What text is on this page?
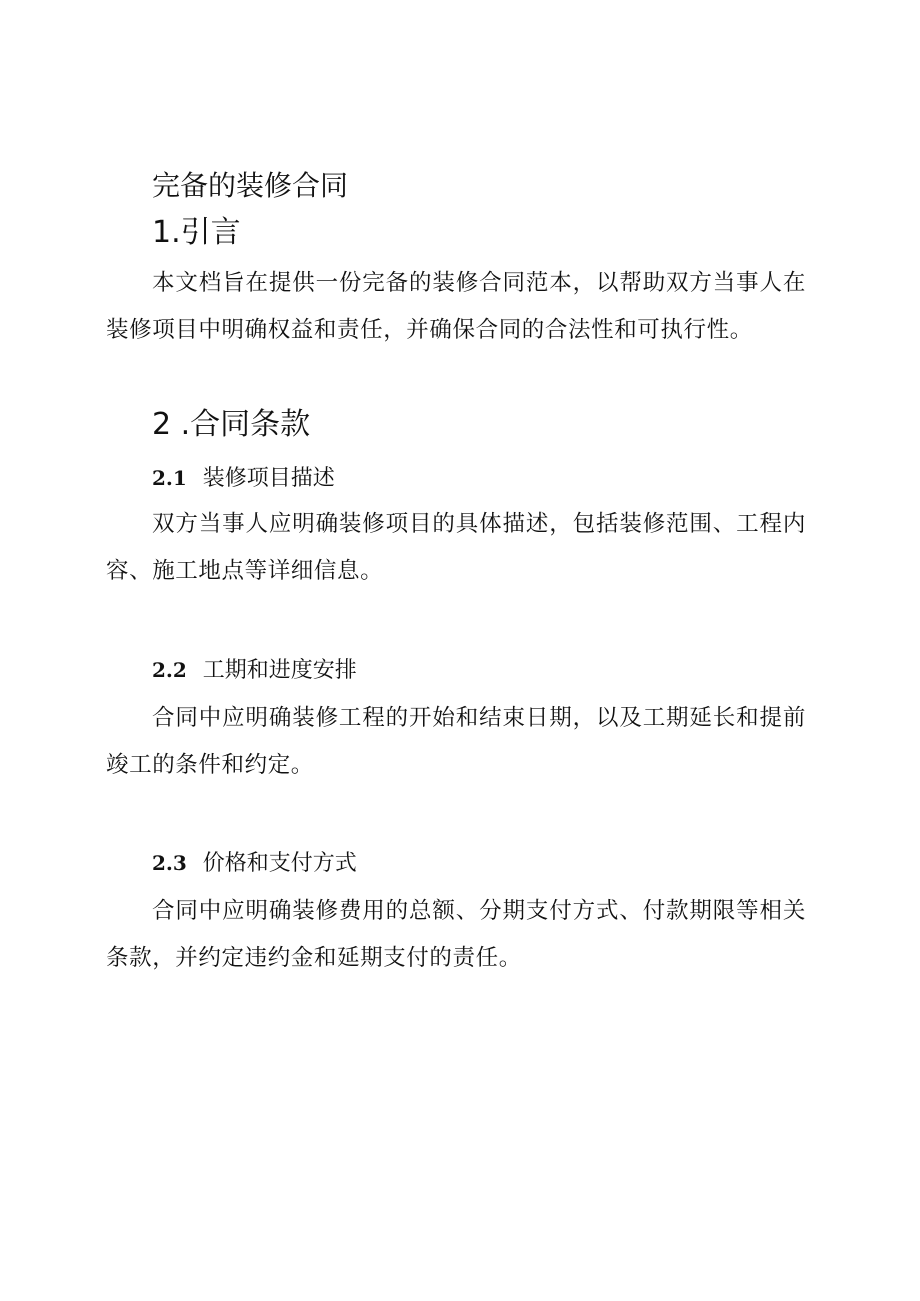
完备的装修合同
1.引言

本文档旨在提供一份完备的装修合同范本，以帮助双方当事人在装修项目中明确权益和责任，并确保合同的合法性和可执行性。

2 .合同条款
2.1 装修项目描述

双方当事人应明确装修项目的具体描述，包括装修范围、工程内容、施工地点等详细信息。

2.2 工期和进度安排

合同中应明确装修工程的开始和结束日期，以及工期延长和提前竣工的条件和约定。

2.3 价格和支付方式

合同中应明确装修费用的总额、分期支付方式、付款期限等相关条款，并约定违约金和延期支付的责任。
